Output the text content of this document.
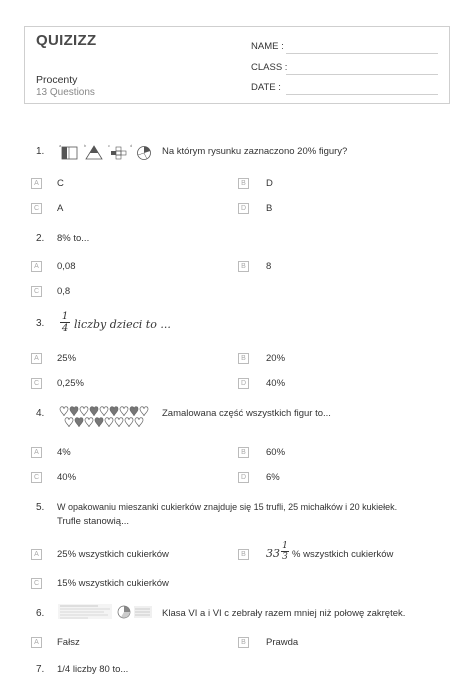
QUIZIZZ
Procenty
13 Questions
NAME :
CLASS :
DATE :
1.
a	b	c	d
Na którym rysunku zaznaczono 20% figury?
A	C	B	D
C	A	D	B
2. 8% to...
A	0,08	B	8
C	0,8
3. $\frac{1}{4}$ liczby dzieci to ...
A	25%	B	20%
C	0,25%	D	40%
4.	Zamalowana część wszystkich figur to...
A	4%	B	60%
C	40%	D	6%
5. W opakowaniu mieszanki cukierków znajduje się 15 trufli, 25 michałków i 20 kukiełek.
Trufle stanowią...
A	25% wszystkich cukierków	B $33 \frac{1}{3}$ % wszystkich cukierków
C	15% wszystkich cukierków
6.	Klasa VI a i VI c zebrały razem mniej niż połowę zakrętek.
A	Fałsz	B	Prawda
7. 1/4 liczby 80 to...
